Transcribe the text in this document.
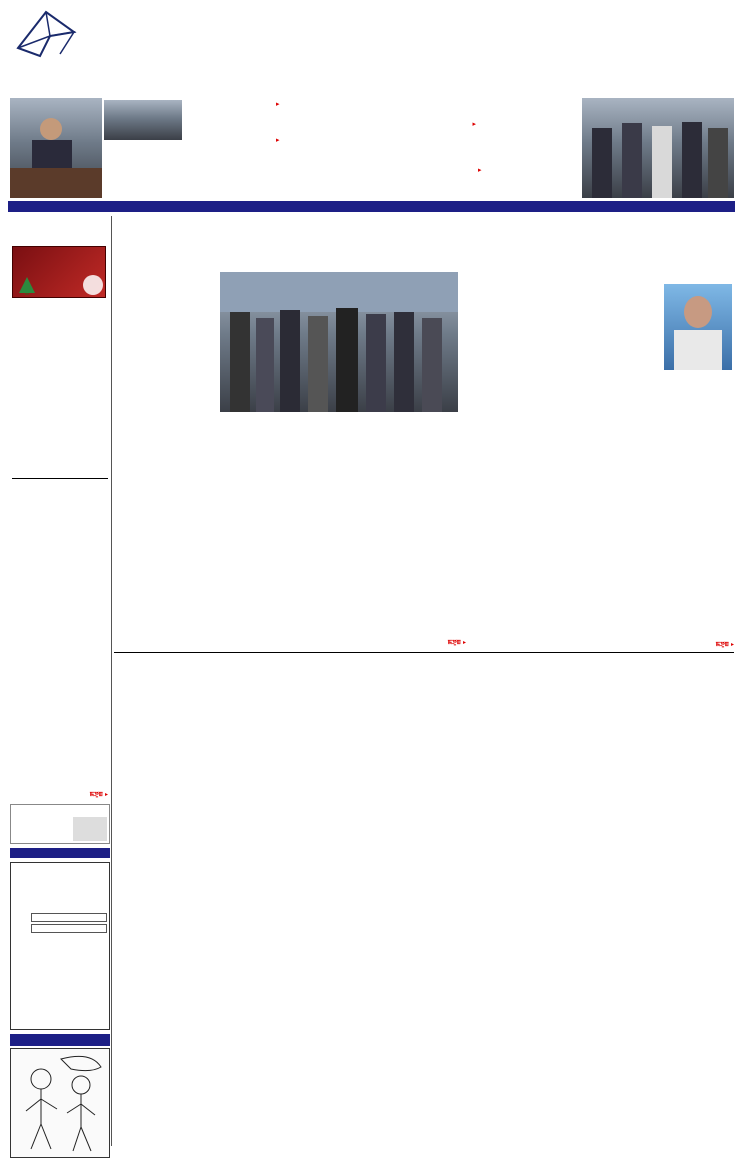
▸
▸
▸
▸
ꯃꯇꯨꯡ ▸
ꯃꯇꯨꯡ ▸	ꯃꯇꯨꯡ ▸
